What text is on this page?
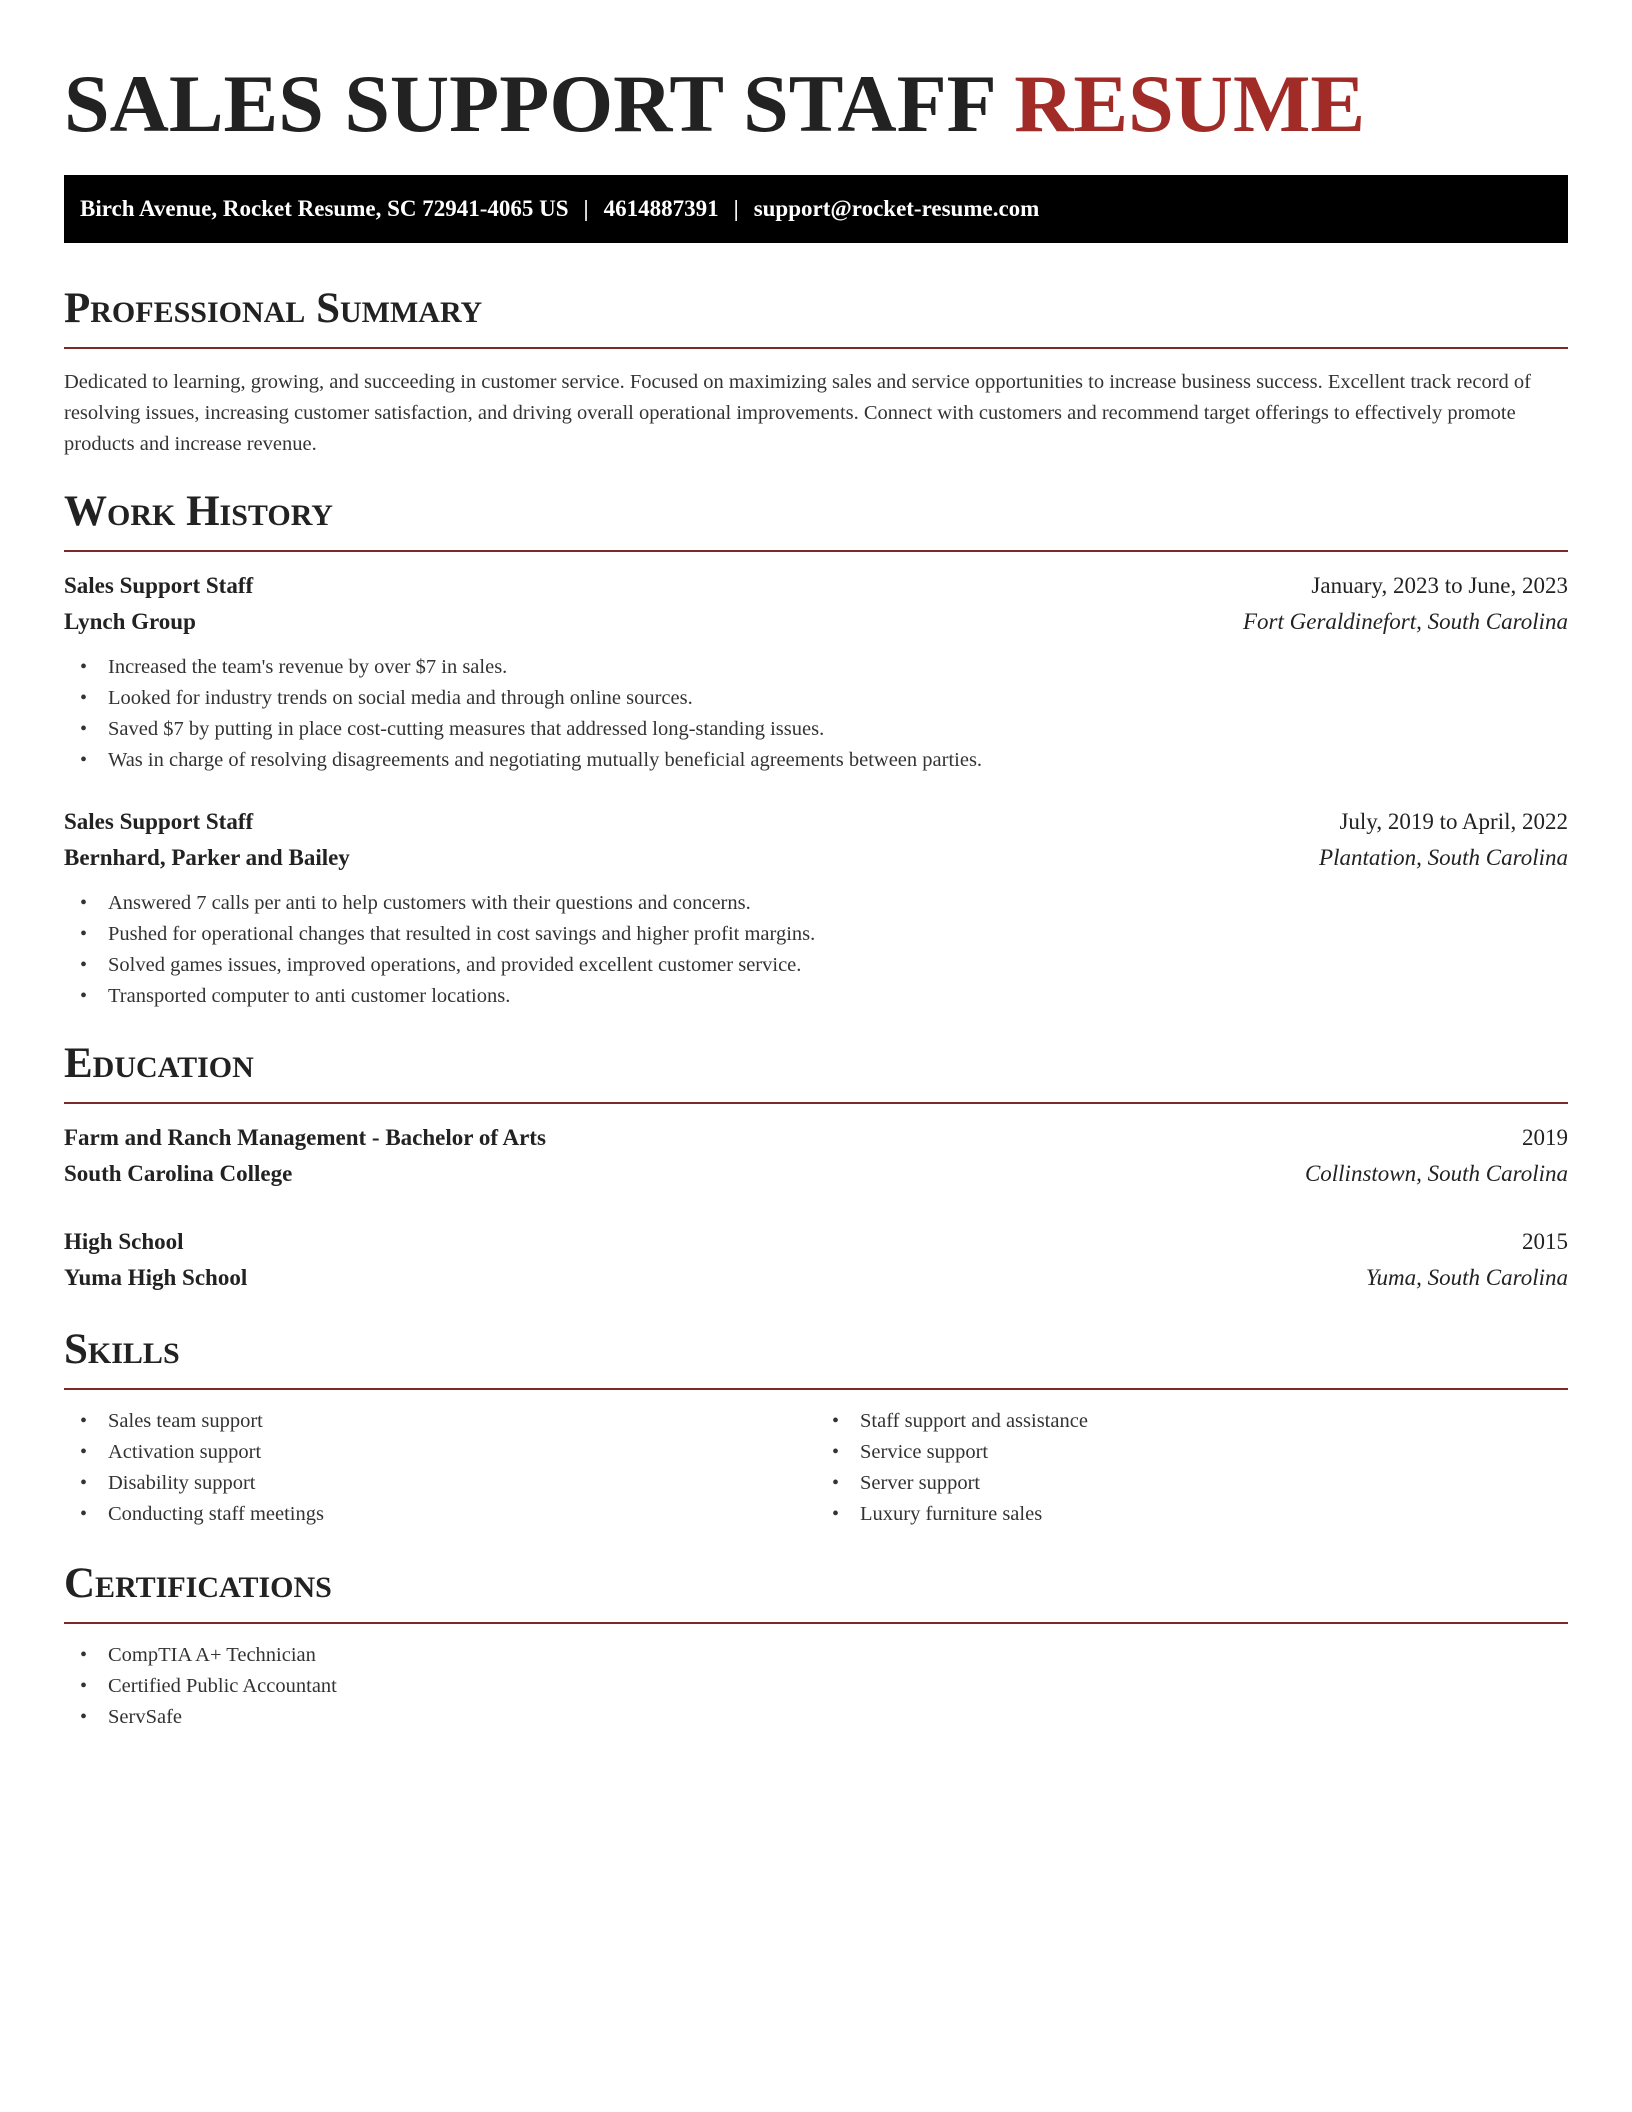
SALES SUPPORT STAFF RESUME
Birch Avenue, Rocket Resume, SC 72941-4065 US | 4614887391 | support@rocket-resume.com
Professional Summary

Dedicated to learning, growing, and succeeding in customer service. Focused on maximizing sales and service opportunities to increase business success. Excellent track record of resolving issues, increasing customer satisfaction, and driving overall operational improvements. Connect with customers and recommend target offerings to effectively promote products and increase revenue.

Work History
Sales Support Staff	January, 2023 to June, 2023
Lynch Group	Fort Geraldinefort, South Carolina
• Increased the team's revenue by over $7 in sales.
• Looked for industry trends on social media and through online sources.
• Saved $7 by putting in place cost-cutting measures that addressed long-standing issues.
• Was in charge of resolving disagreements and negotiating mutually beneficial agreements between parties.
Sales Support Staff	July, 2019 to April, 2022
Bernhard, Parker and Bailey	Plantation, South Carolina
• Answered 7 calls per anti to help customers with their questions and concerns.
• Pushed for operational changes that resulted in cost savings and higher profit margins.
• Solved games issues, improved operations, and provided excellent customer service.
• Transported computer to anti customer locations.
Education
Farm and Ranch Management - Bachelor of Arts	2019
South Carolina College	Collinstown, South Carolina
High School	2015
Yuma High School	Yuma, South Carolina
Skills
• Sales team support
• Activation support
• Disability support
• Conducting staff meetings
• Staff support and assistance
• Service support
• Server support
• Luxury furniture sales
Certifications
• CompTIA A+ Technician
• Certified Public Accountant
• ServSafe
